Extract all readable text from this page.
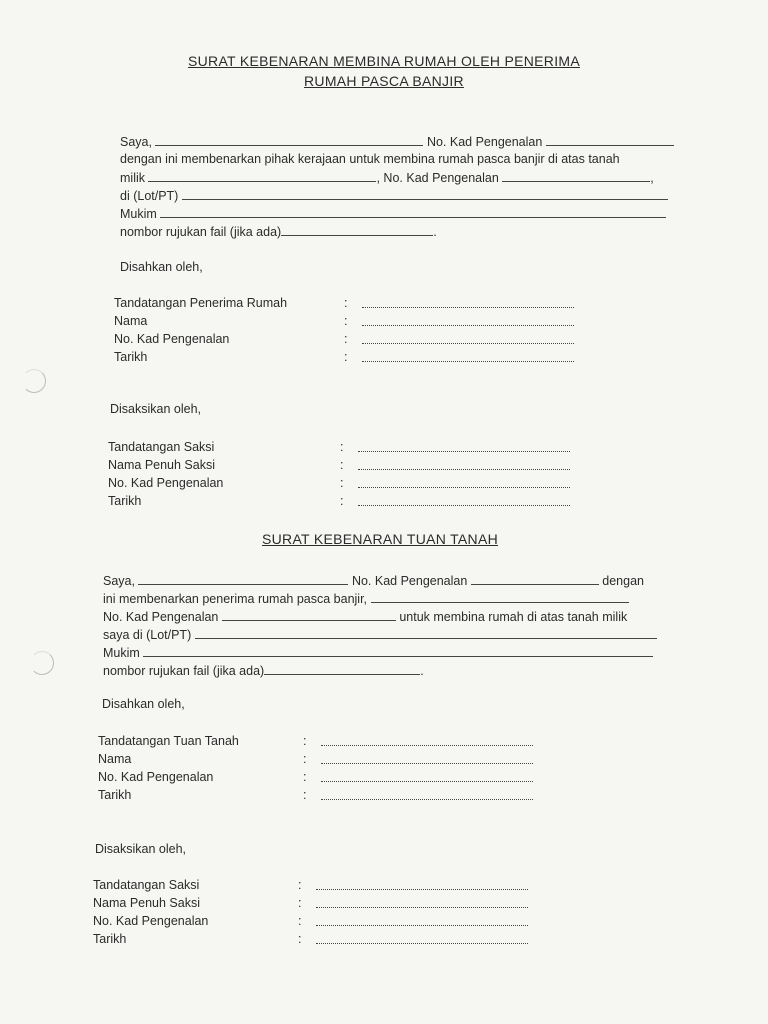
SURAT KEBENARAN MEMBINA RUMAH OLEH PENERIMA
RUMAH PASCA BANJIR
Saya,	No. Kad Pengenalan
dengan ini membenarkan pihak kerajaan untuk membina rumah pasca banjir di atas tanah
milik	, No. Kad Pengenalan	,
di (Lot/PT)
Mukim
nombor rujukan fail (jika ada)	.
Disahkan oleh,
Tandatangan Penerima Rumah	:
Nama	:
No. Kad Pengenalan	:
Tarikh	:
Disaksikan oleh,
Tandatangan Saksi	:
Nama Penuh Saksi	:
No. Kad Pengenalan	:
Tarikh	:
SURAT KEBENARAN TUAN TANAH
Saya,	No. Kad Pengenalan	dengan
ini membenarkan penerima rumah pasca banjir,
No. Kad Pengenalan	untuk membina rumah di atas tanah milik
saya di (Lot/PT)
Mukim
nombor rujukan fail (jika ada)	.
Disahkan oleh,
Tandatangan Tuan Tanah	:
Nama	:
No. Kad Pengenalan	:
Tarikh	:
Disaksikan oleh,
Tandatangan Saksi	:
Nama Penuh Saksi	:
No. Kad Pengenalan	:
Tarikh	:
